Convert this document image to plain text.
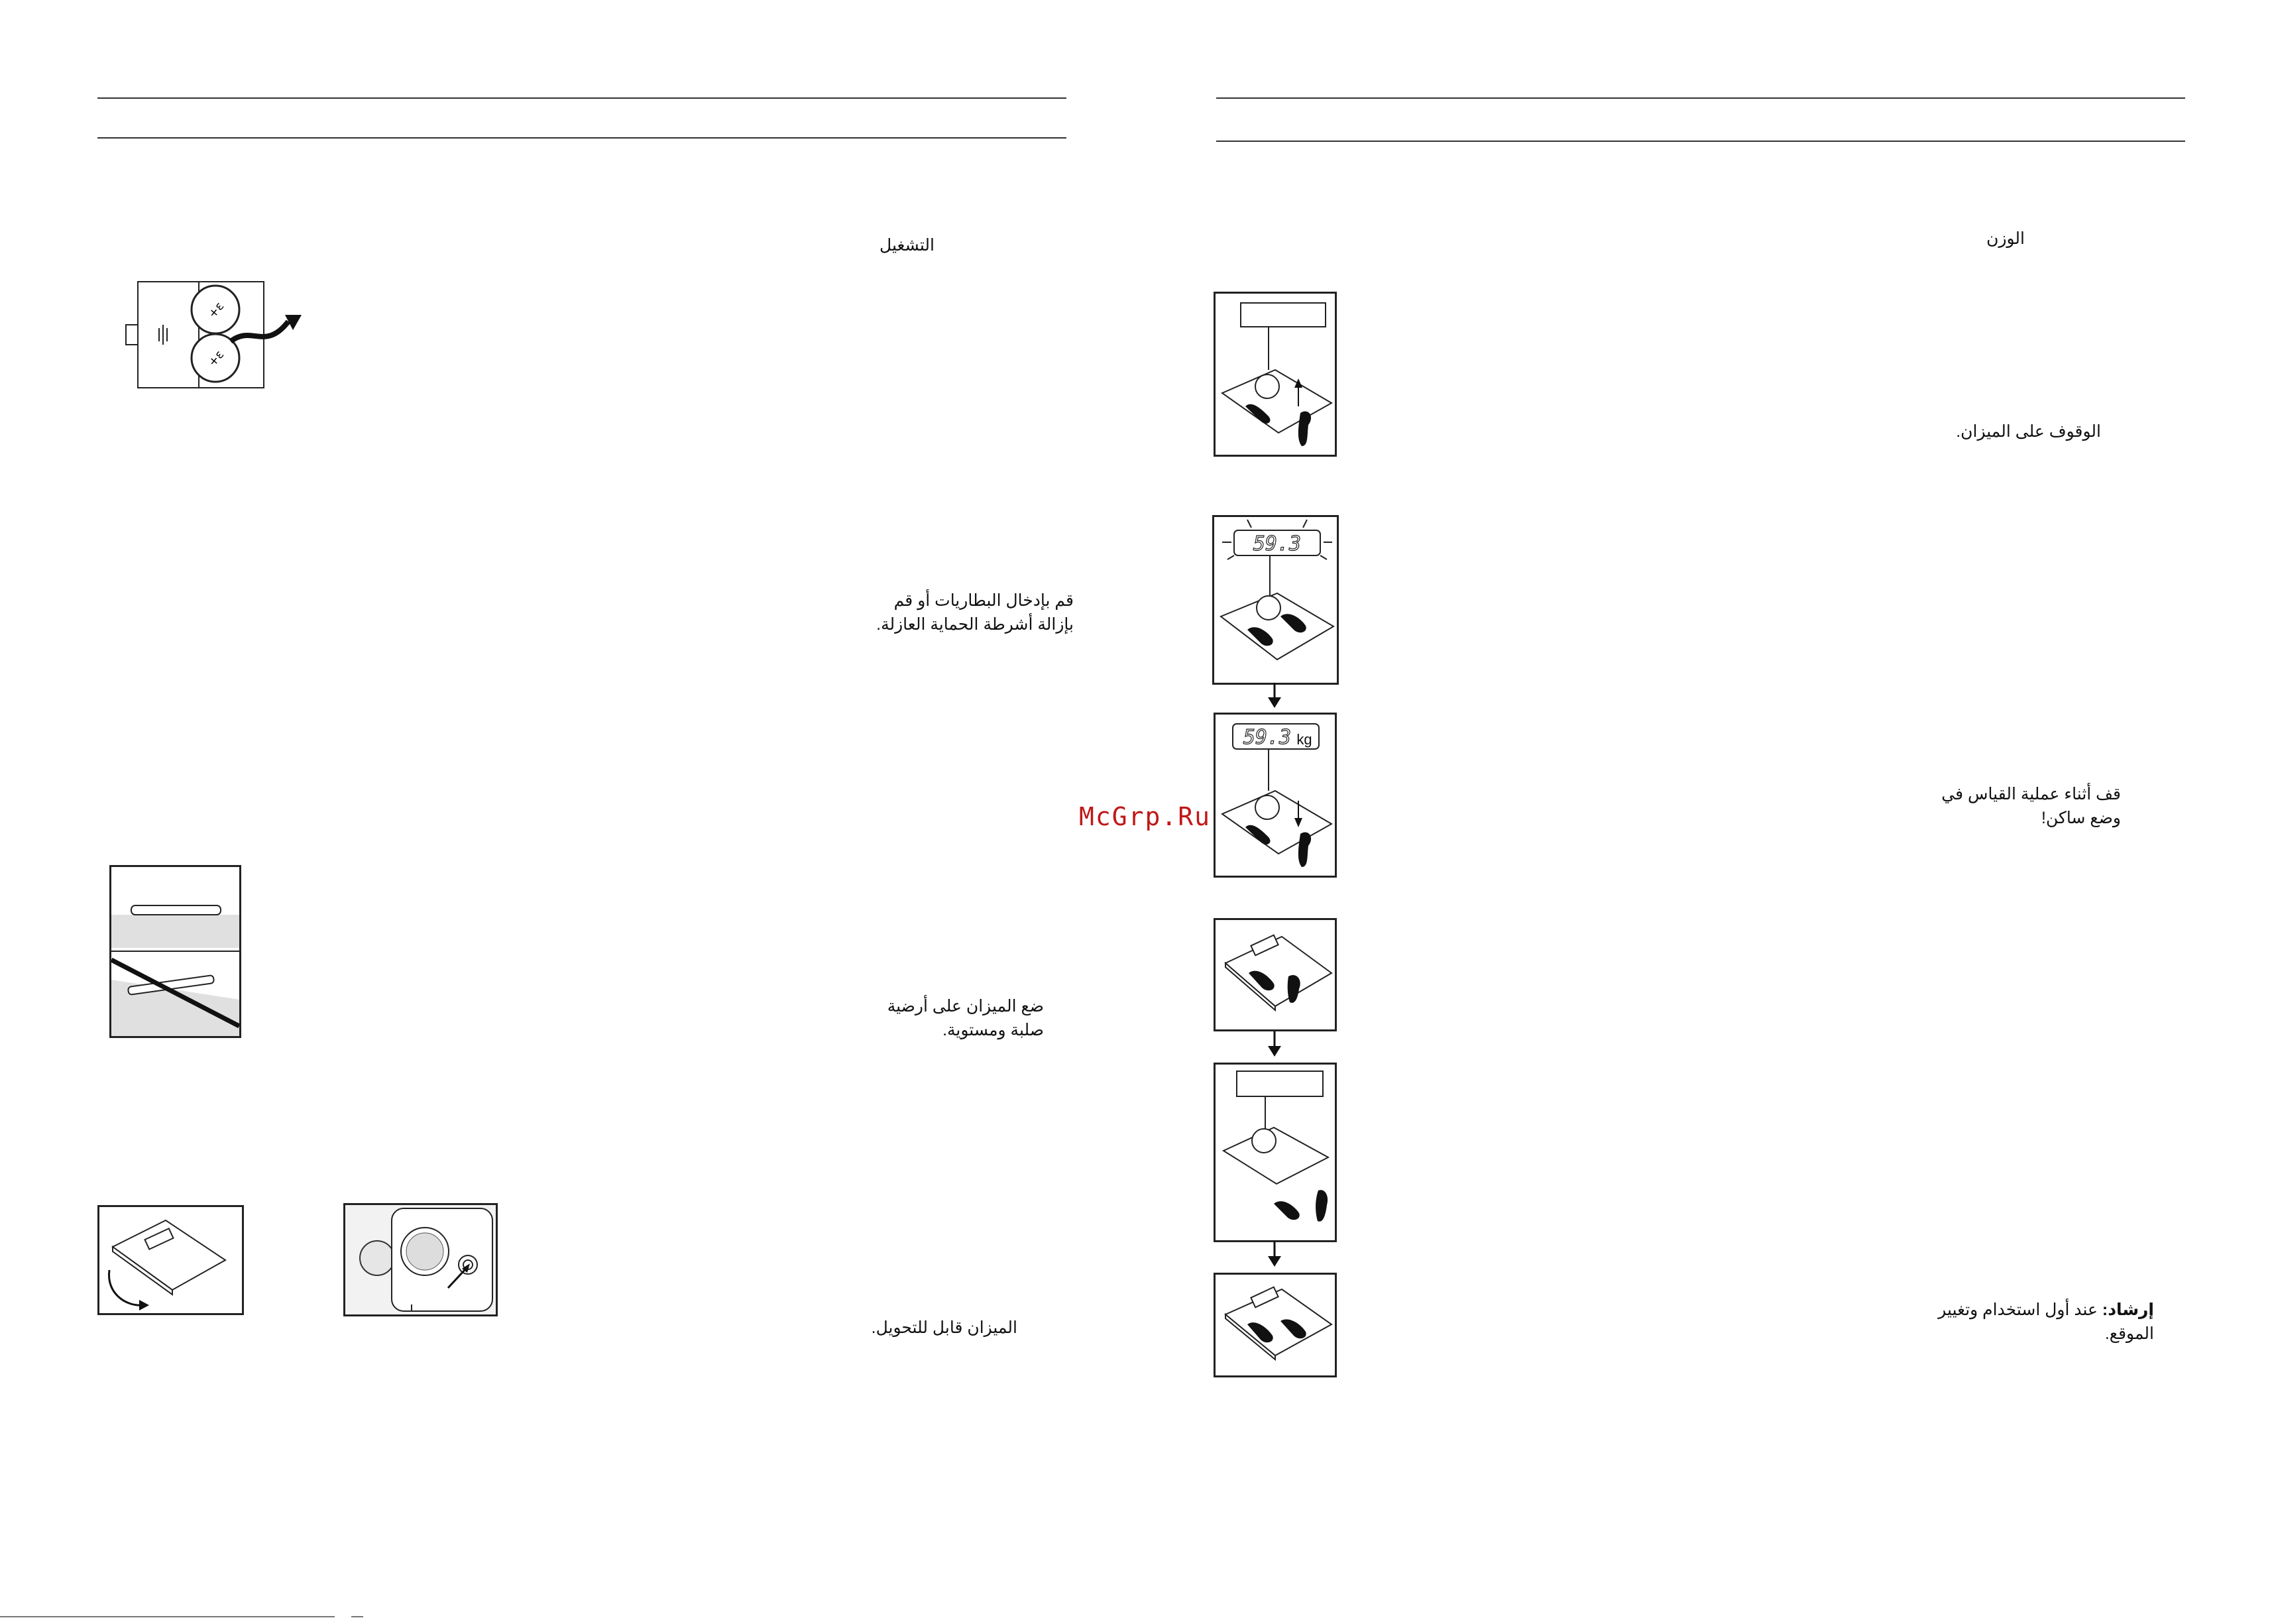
التشغيل
قم بإدخال البطاريات أو قم
بإزالة أشرطة الحماية العازلة.
ضع الميزان على أرضية
صلبة ومستوية.
الميزان قابل للتحويل.
+ε
+ε
الوزن
الوقوف على الميزان.
قف أثناء عملية القياس في
وضع ساكن!
إرشاد: عند أول استخدام وتغيير
الموقع.
59.3
59.3 kg
McGrp.Ru
